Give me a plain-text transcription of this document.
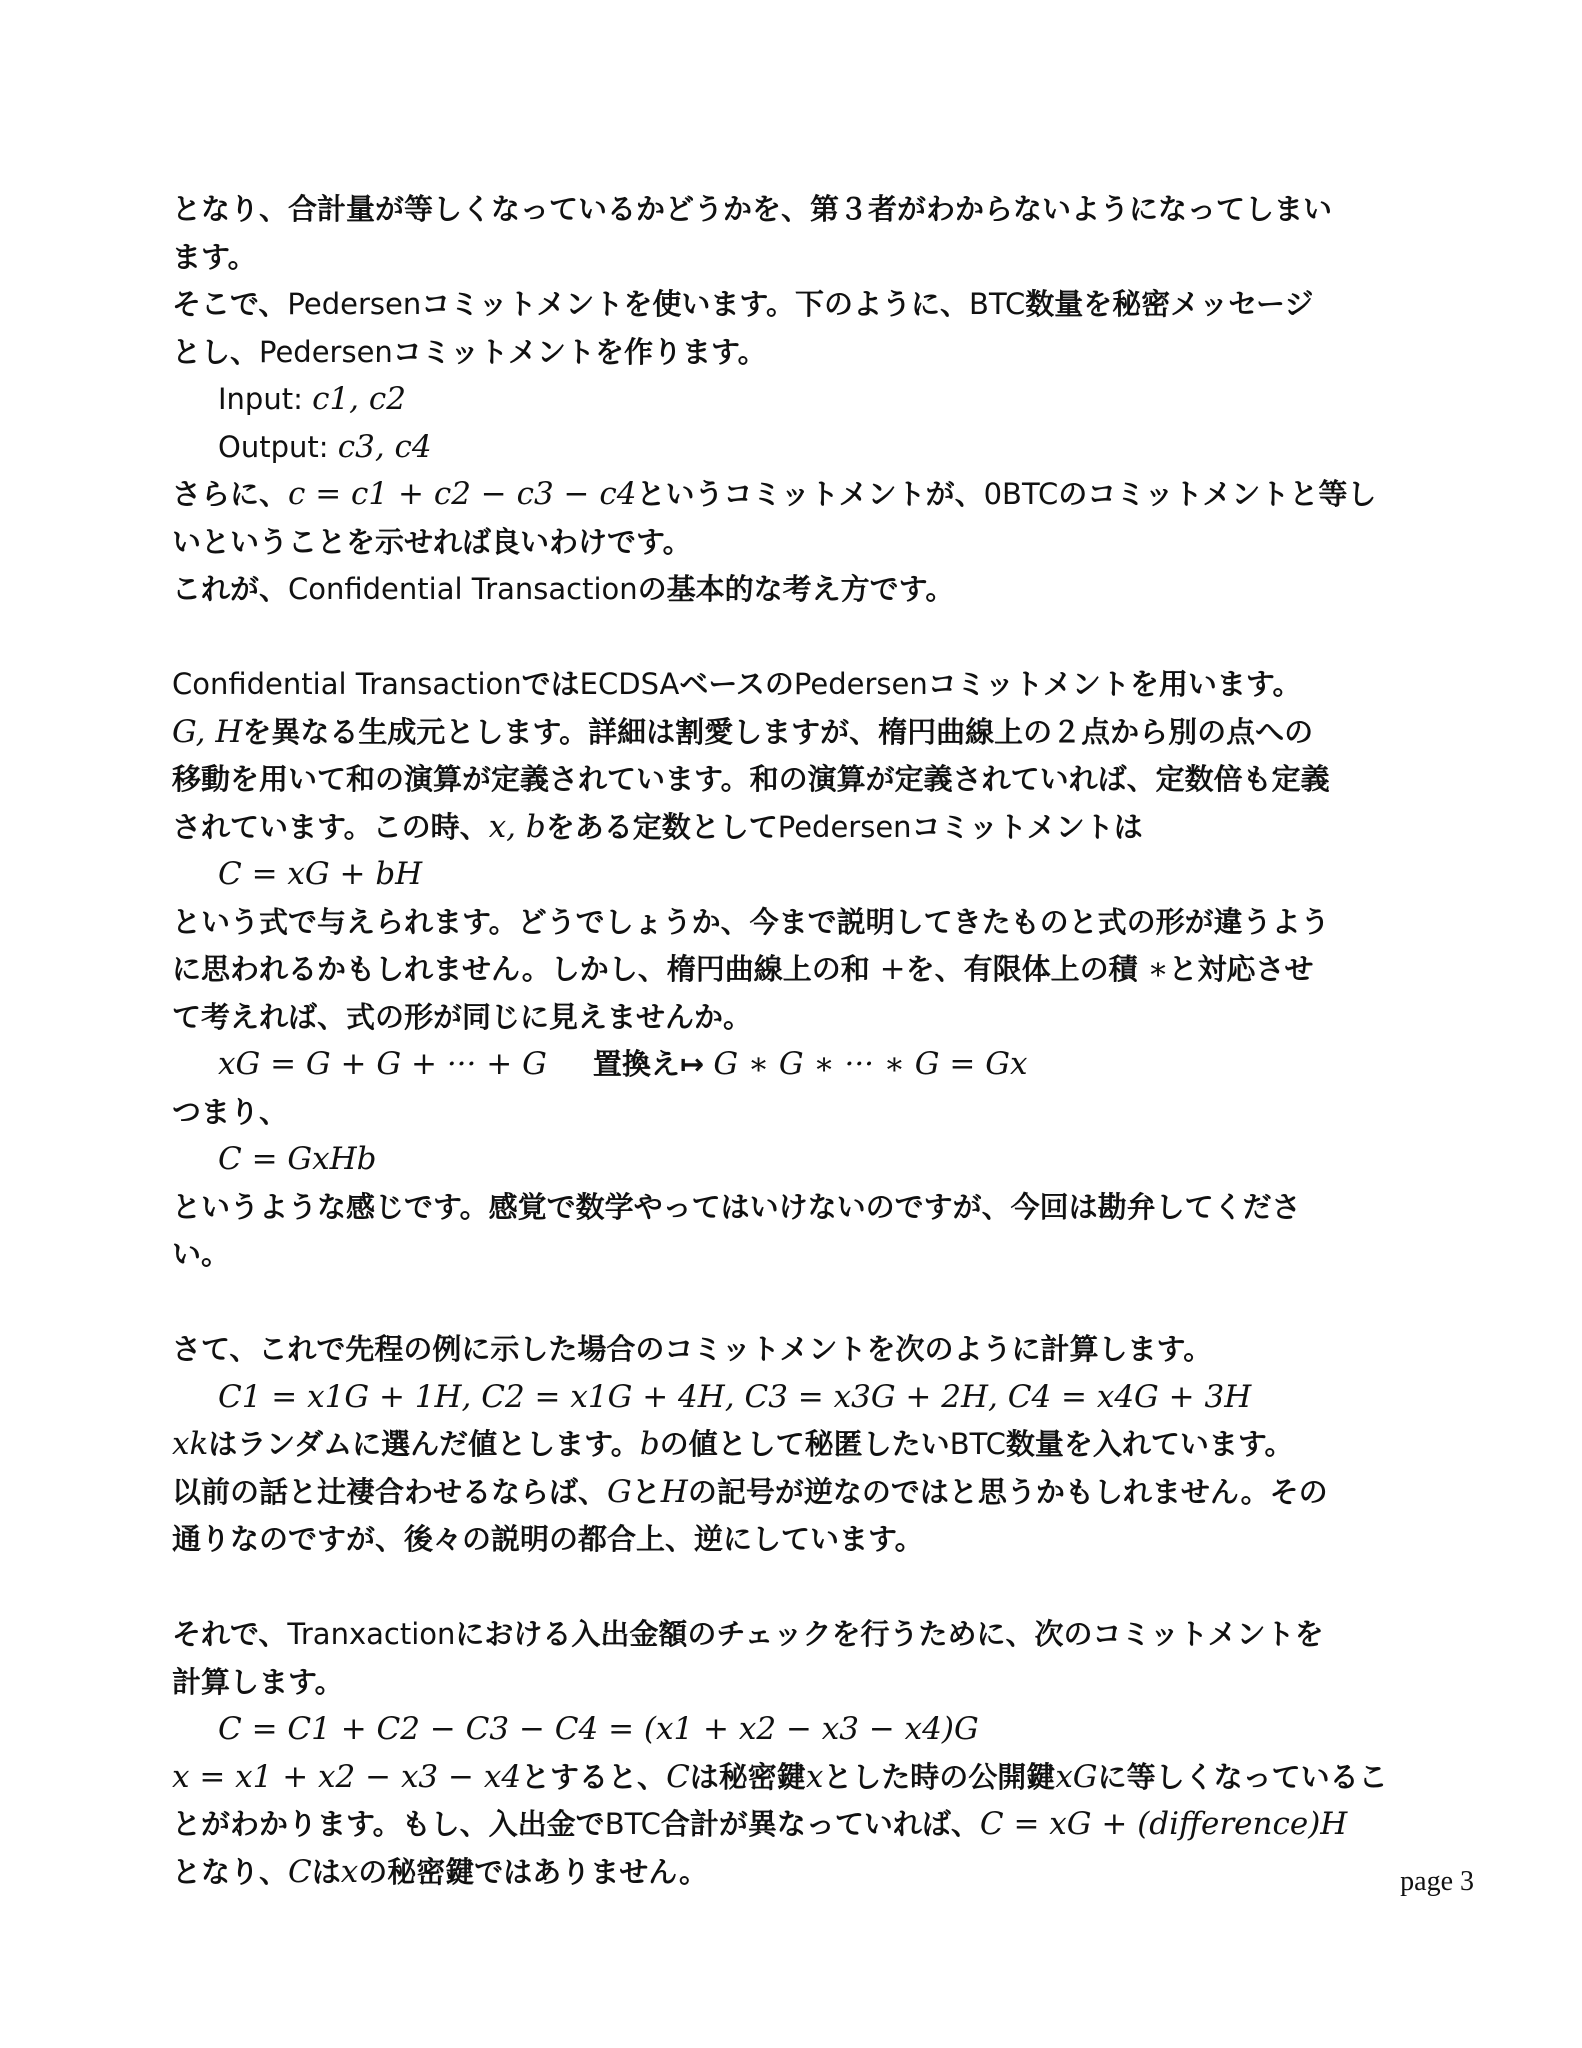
となり、合計量が等しくなっているかどうかを、第３者がわからないようになってしまい
ます。
そこで、Pedersenコミットメントを使います。下のように、BTC数量を秘密メッセージ
とし、Pedersenコミットメントを作ります。
Input: c1, c2
Output: c3, c4
さらに、c = c1 + c2 − c3 − c4というコミットメントが、0BTCのコミットメントと等し
いということを示せれば良いわけです。
これが、Confidential Transactionの基本的な考え方です。
Confidential TransactionではECDSAベースのPedersenコミットメントを用います。
G, Hを異なる生成元とします。詳細は割愛しますが、楕円曲線上の２点から別の点への
移動を用いて和の演算が定義されています。和の演算が定義されていれば、定数倍も定義
されています。この時、x, bをある定数としてPedersenコミットメントは
C = xG + bH
という式で与えられます。どうでしょうか、今まで説明してきたものと式の形が違うよう
に思われるかもしれません。しかし、楕円曲線上の和 +を、有限体上の積 ∗と対応させ
て考えれば、式の形が同じに見えませんか。
xG = G + G + ··· + G 置換え↦ G ∗ G ∗ ··· ∗ G = Gx
つまり、
C = GxHb
というような感じです。感覚で数学やってはいけないのですが、今回は勘弁してくださ
い。
さて、これで先程の例に示した場合のコミットメントを次のように計算します。
C1 = x1G + 1H, C2 = x1G + 4H, C3 = x3G + 2H, C4 = x4G + 3H
xkはランダムに選んだ値とします。bの値として秘匿したいBTC数量を入れています。
以前の話と辻褄合わせるならば、GとHの記号が逆なのではと思うかもしれません。その
通りなのですが、後々の説明の都合上、逆にしています。
それで、Tranxactionにおける入出金額のチェックを行うために、次のコミットメントを
計算します。
C = C1 + C2 − C3 − C4 = (x1 + x2 − x3 − x4)G
x = x1 + x2 − x3 − x4とすると、Cは秘密鍵xとした時の公開鍵xGに等しくなっているこ
とがわかります。もし、入出金でBTC合計が異なっていれば、C = xG + (difference)H
となり、Cはxの秘密鍵ではありません。	page 3
